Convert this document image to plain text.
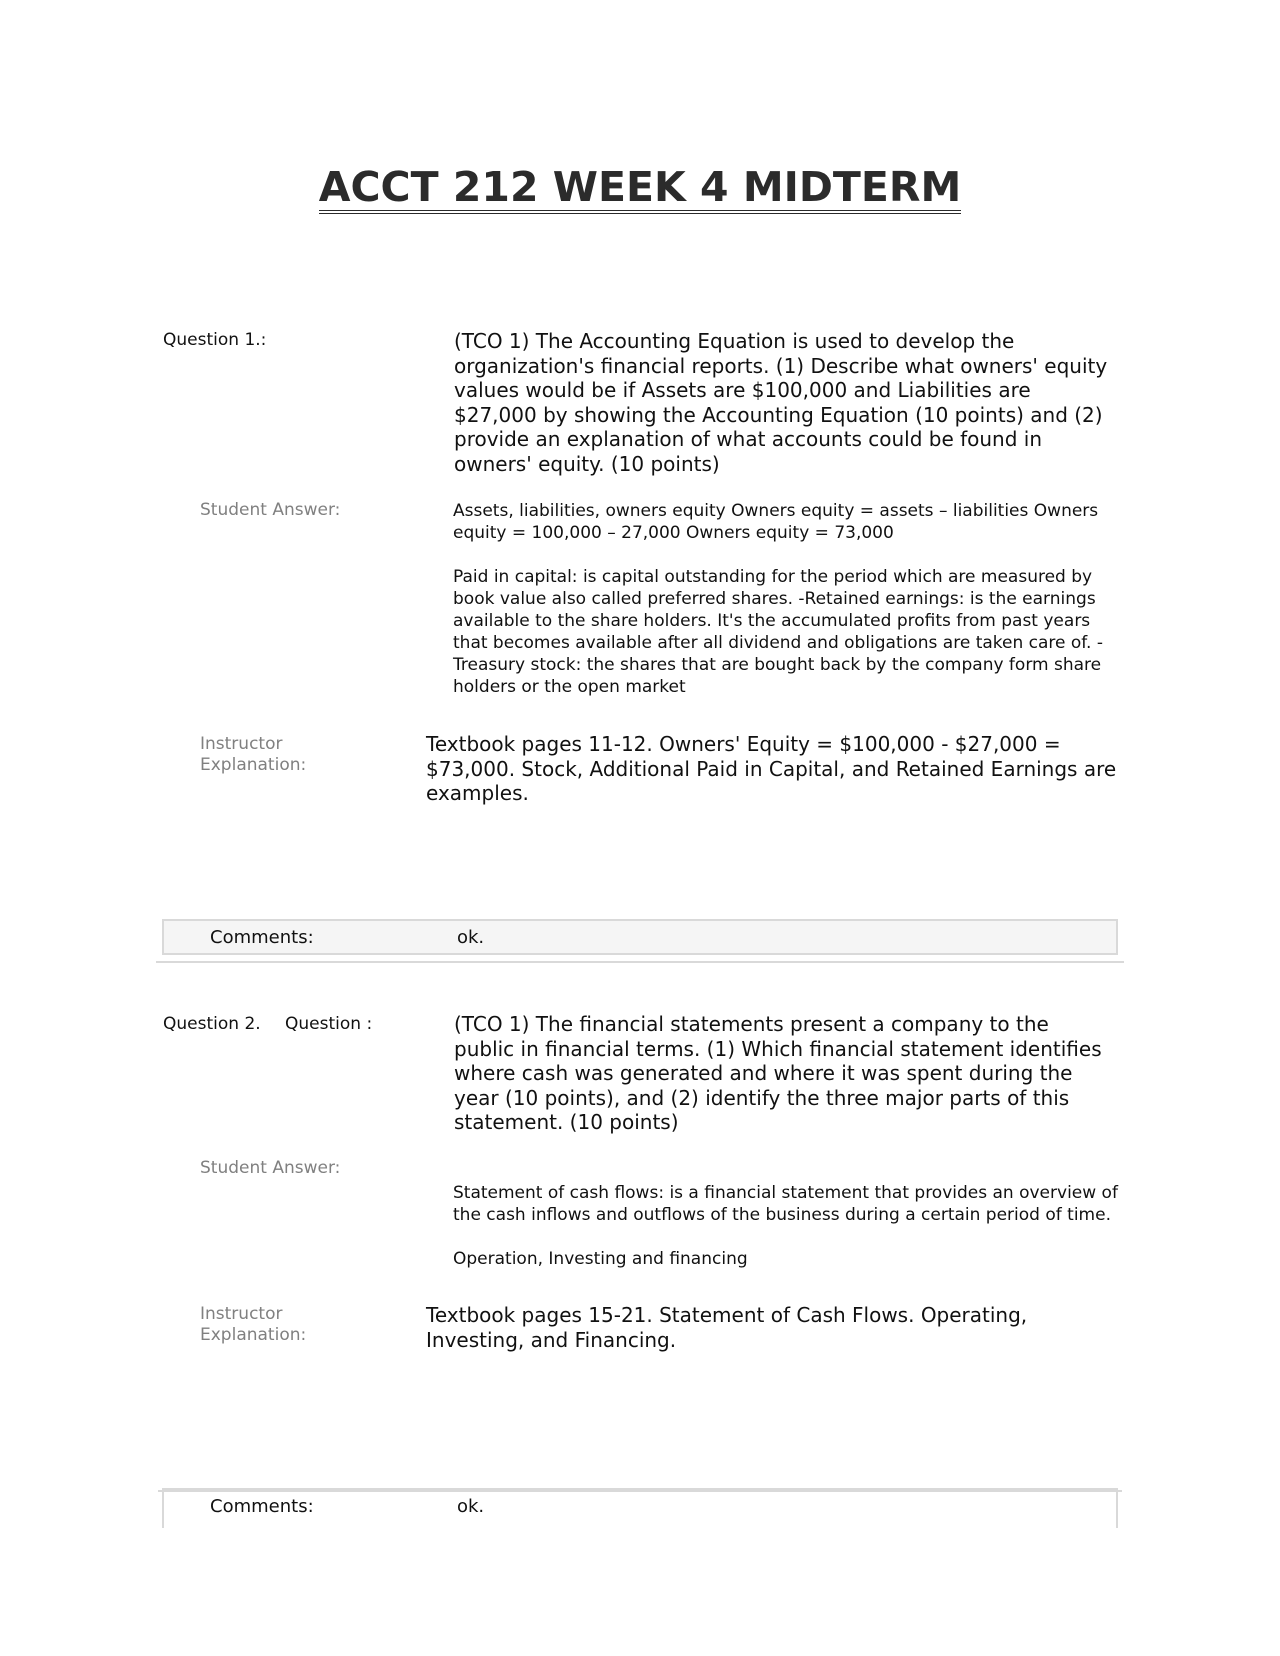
ACCT 212 WEEK 4 MIDTERM
Question 1.:	(TCO 1) The Accounting Equation is used to develop the organization's financial reports. (1) Describe what owners' equity values would be if Assets are $100,000 and Liabilities are $27,000 by showing the Accounting Equation (10 points) and (2) provide an explanation of what accounts could be found in owners' equity. (10 points)
Student Answer:	Assets, liabilities, owners equity Owners equity = assets – liabilities Owners equity = 100,000 – 27,000 Owners equity = 73,000

Paid in capital: is capital outstanding for the period which are measured by book value also called preferred shares. -Retained earnings: is the earnings available to the share holders. It's the accumulated profits from past years that becomes available after all dividend and obligations are taken care of. -Treasury stock: the shares that are bought back by the company form share holders or the open market

Instructor
Explanation:
Textbook pages 11-12. Owners' Equity = $100,000 - $27,000 = $73,000. Stock, Additional Paid in Capital, and Retained Earnings are examples.
Comments:	ok.
Question 2. Question :	(TCO 1) The financial statements present a company to the public in financial terms. (1) Which financial statement identifies where cash was generated and where it was spent during the year (10 points), and (2) identify the three major parts of this statement. (10 points)
Student Answer:

Statement of cash flows: is a financial statement that provides an overview of the cash inflows and outflows of the business during a certain period of time.

Operation, Investing and financing

Instructor
Explanation:
Textbook pages 15-21. Statement of Cash Flows. Operating, Investing, and Financing.
Comments:	ok.
